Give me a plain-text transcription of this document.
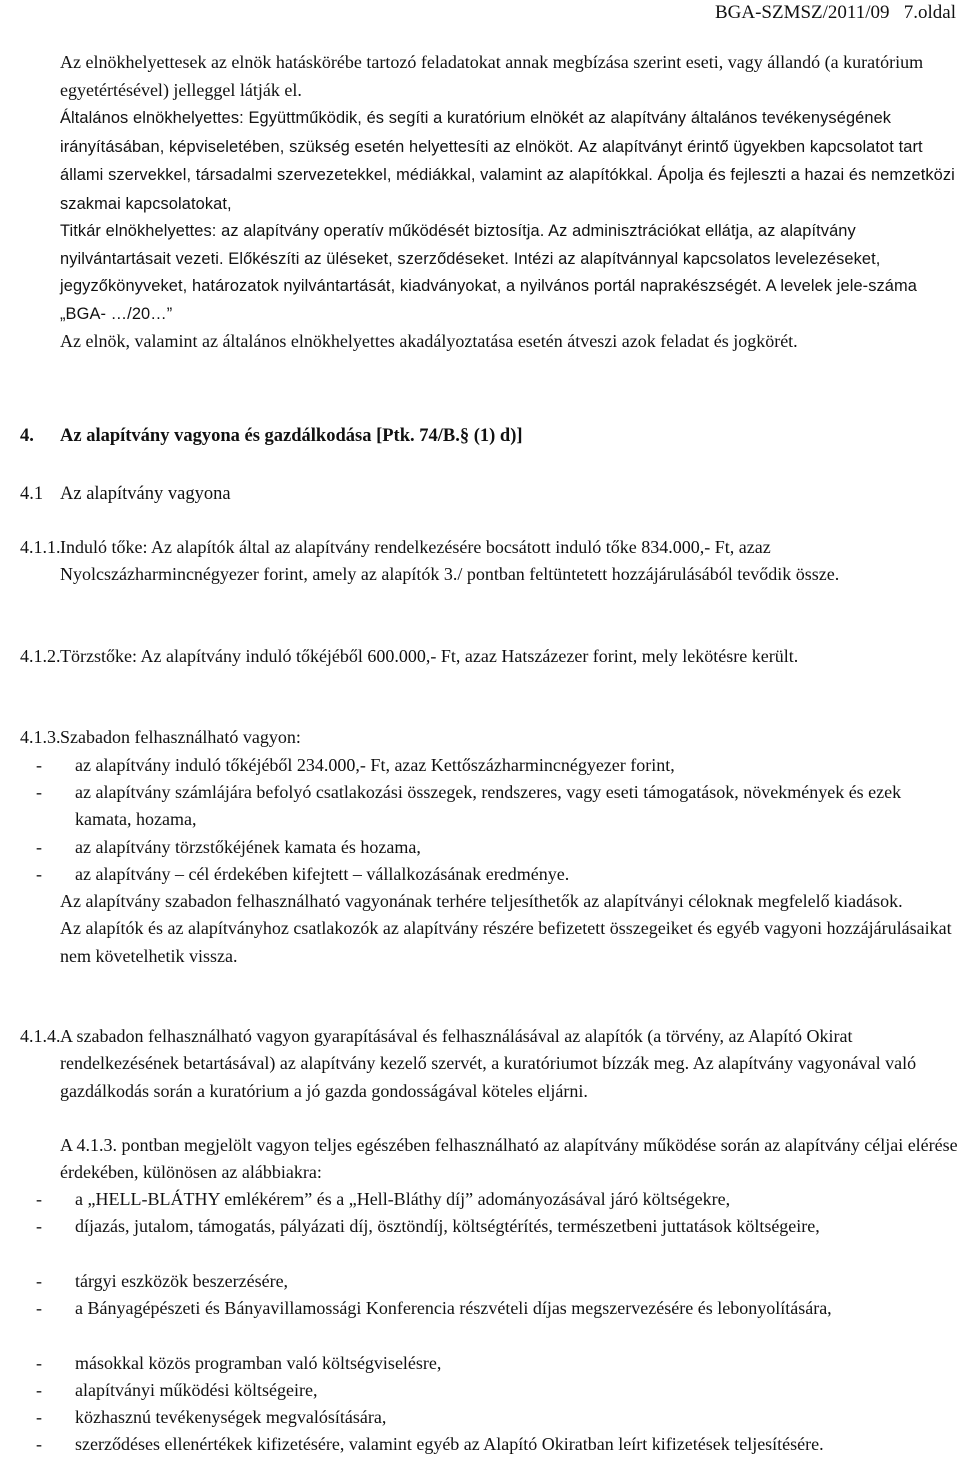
BGA-SZMSZ/2011/09 7.oldal

Az elnökhelyettesek az elnök hatáskörébe tartozó feladatokat annak megbízása szerint eseti, vagy állandó (a kuratórium egyetértésével) jelleggel látják el.

Általános elnökhelyettes: Együttműködik, és segíti a kuratórium elnökét az alapítvány általános tevékenységének irányításában, képviseletében, szükség esetén helyettesíti az elnököt. Az alapítványt érintő ügyekben kapcsolatot tart állami szervekkel, társadalmi szervezetekkel, médiákkal, valamint az alapítókkal. Ápolja és fejleszti a hazai és nemzetközi szakmai kapcsolatokat,

Titkár elnökhelyettes: az alapítvány operatív működését biztosítja. Az adminisztrációkat ellátja, az alapítvány nyilvántartásait vezeti. Előkészíti az üléseket, szerződéseket. Intézi az alapítvánnyal kapcsolatos levelezéseket, jegyzőkönyveket, határozatok nyilvántartását, kiadványokat, a nyilvános portál naprakészségét. A levelek jele-száma „BGA- …/20…”

Az elnök, valamint az általános elnökhelyettes akadályoztatása esetén átveszi azok feladat és jogkörét.

4. Az alapítvány vagyona és gazdálkodása [Ptk. 74/B.§ (1) d)]
4.1 Az alapítvány vagyona
4.1.1. Induló tőke: Az alapítók által az alapítvány rendelkezésére bocsátott induló tőke 834.000,- Ft, azaz Nyolcszázharmincnégyezer forint, amely az alapítók 3./ pontban feltüntetett hozzájárulásából tevődik össze.
4.1.2. Törzstőke: Az alapítvány induló tőkéjéből 600.000,- Ft, azaz Hatszázezer forint, mely lekötésre került.
4.1.3. Szabadon felhasználható vagyon:
- az alapítvány induló tőkéjéből 234.000,- Ft, azaz Kettőszázharmincnégyezer forint,
- az alapítvány számlájára befolyó csatlakozási összegek, rendszeres, vagy eseti támogatások, növekmények és ezek kamata, hozama,
- az alapítvány törzstőkéjének kamata és hozama,
- az alapítvány – cél érdekében kifejtett – vállalkozásának eredménye.

Az alapítvány szabadon felhasználható vagyonának terhére teljesíthetők az alapítványi céloknak megfelelő kiadások.

Az alapítók és az alapítványhoz csatlakozók az alapítvány részére befizetett összegeiket és egyéb vagyoni hozzájárulásaikat nem követelhetik vissza.

4.1.4. A szabadon felhasználható vagyon gyarapításával és felhasználásával az alapítók (a törvény, az Alapító Okirat rendelkezésének betartásával) az alapítvány kezelő szervét, a kuratóriumot bízzák meg. Az alapítvány vagyonával való gazdálkodás során a kuratórium a jó gazda gondosságával köteles eljárni.
A 4.1.3. pontban megjelölt vagyon teljes egészében felhasználható az alapítvány működése során az alapítvány céljai elérése érdekében, különösen az alábbiakra:
- a „HELL-BLÁTHY emlékérem” és a „Hell-Bláthy díj” adományozásával járó költségekre,
- díjazás, jutalom, támogatás, pályázati díj, ösztöndíj, költségtérítés, természetbeni juttatások költségeire,
- tárgyi eszközök beszerzésére,
- a Bányagépészeti és Bányavillamossági Konferencia részvételi díjas megszervezésére és lebonyolítására,
- másokkal közös programban való költségviselésre,
- alapítványi működési költségeire,
- közhasznú tevékenységek megvalósítására,
- szerződéses ellenértékek kifizetésére, valamint egyéb az Alapító Okiratban leírt kifizetések teljesítésére.
